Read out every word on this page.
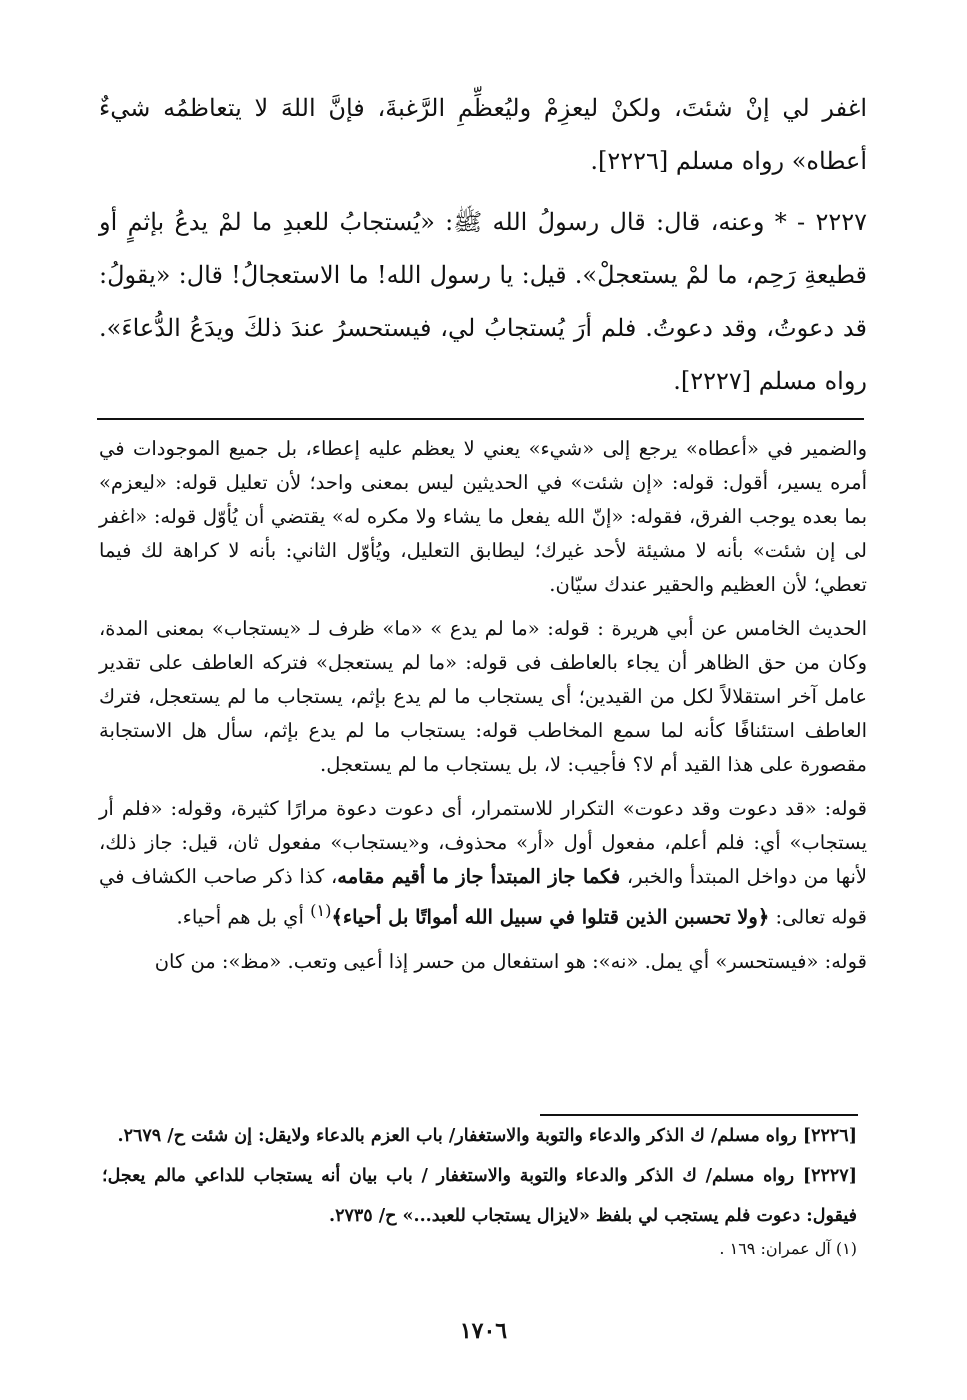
اغفر لي إنْ شئتَ، ولكنْ ليعزِمْ وليُعظِّمِ الرَّغبةَ، فإنَّ اللهَ لا يتعاظمُه شيءٌ أعطاه» رواه مسلم [٢٢٢٦].

٢٢٢٧ - * وعنه، قال: قال رسولُ الله ﷺ: «يُستجابُ للعبدِ ما لمْ يدعُ بإثمٍ أو قطيعةِ رَحِم، ما لمْ يستعجلْ». قيل: يا رسول الله! ما الاستعجالُ! قال: «يقولُ: قد دعوتُ، وقد دعوتُ. فلم أرَ يُستجابُ لي، فيستحسرُ عندَ ذلكَ ويدَعُ الدُّعاءَ». رواه مسلم [٢٢٢٧].

والضمير في «أعطاه» يرجع إلى «شيء» يعني لا يعظم عليه إعطاء، بل جميع الموجودات في أمره يسير، أقول: قوله: «إن شئت» في الحديثين ليس بمعنى واحد؛ لأن تعليل قوله: «ليعزم» بما بعده يوجب الفرق، فقوله: «إنّ الله يفعل ما يشاء ولا مكره له» يقتضي أن يُأوّل قوله: «اغفر لى إن شئت» بأنه لا مشيئة لأحد غيرك؛ ليطابق التعليل، ويُأوّل الثاني: بأنه لا كراهة لك فيما تعطي؛ لأن العظيم والحقير عندك سيّان.

الحديث الخامس عن أبي هريرة : قوله: «ما لم يدع » «ما» ظرف لـ «يستجاب» بمعنى المدة، وكان من حق الظاهر أن يجاء بالعاطف فى قوله: «ما لم يستعجل» فتركه العاطف على تقدير عامل آخر استقلالاً لكل من القيدين؛ أى يستجاب ما لم يدع بإثم، يستجاب ما لم يستعجل، فترك العاطف استئنافًا كأنه لما سمع المخاطب قوله: يستجاب ما لم يدع بإثم، سأل هل الاستجابة مقصورة على هذا القيد أم لا؟ فأجيب: لا، بل يستجاب ما لم يستعجل.

قوله: «قد دعوت وقد دعوت» التكرار للاستمرار، أى دعوت دعوة مرارًا كثيرة، وقوله: «فلم أر يستجاب» أي: فلم أعلم، مفعول أول «أر» محذوف، و«يستجاب» مفعول ثان، قيل: جاز ذلك، لأنها من دواخل المبتدأ والخبر، فكما جاز المبتدأ جاز ما أقيم مقامه، كذا ذكر صاحب الكشاف في قوله تعالى: ﴿ولا تحسبن الذين قتلوا في سبيل الله أمواتًا بل أحياء﴾$^{(١)}$ أي بل هم أحياء.

قوله: «فيستحسر» أي يمل. «نه»: هو استفعال من حسر إذا أعيى وتعب. «مظ»: من كان

[٢٢٢٦] رواه مسلم/ ك الذكر والدعاء والتوبة والاستغفار/ باب العزم بالدعاء ولايقل: إن شئت ح/ ٢٦٧٩.

[٢٢٢٧] رواه مسلم/ ك الذكر والدعاء والتوبة والاستغفار / باب بيان أنه يستجاب للداعي مالم يعجل؛ فيقول: دعوت فلم يستجب لي بلفظ «لايزال يستجاب للعبد...» ح/ ٢٧٣٥.

(١) آل عمران: ١٦٩ .

١٧٠٦
